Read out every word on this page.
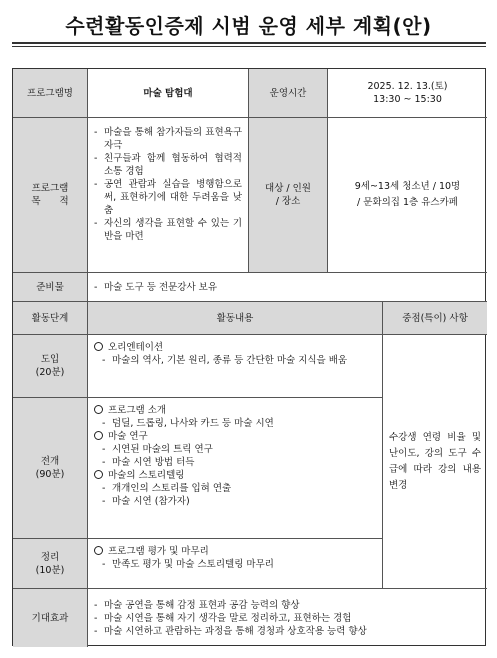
수련활동인증제 시범 운영 세부 계획(안)
프로그램명	마술 탐험대	운영시간
2025. 12. 13.(토)
13:30 ~ 15:30
프로그램
목　　적
- 마술을 통해 참가자들의 표현욕구 자극
- 친구들과 함께 협동하여 협력적 소통 경험
- 공연 관람과 실습을 병행함으로써, 표현하기에 대한 두려움을 낮춤
- 자신의 생각을 표현할 수 있는 기반을 마련
대상 / 인원
/ 장소
9세~13세 청소년 / 10명
/ 문화의집 1층 유스카페
준비물
-	마술 도구 등 전문강사 보유
활동단계	활동내용	중점(특이) 사항
도입
(20분)
오리엔테이션
- 마술의 역사, 기본 원리, 종류 등 간단한 마술 지식을 배움
전개
(90분)
프로그램 소개
- 덤딜, 드롭링, 나사와 카드 등 마술 시연
마술 연구
- 시연된 마술의 트릭 연구
- 마술 시연 방법 터득
마술의 스토리텔링
- 개개인의 스토리를 입혀 연출
- 마술 시연 (참가자)
정리
(10분)
프로그램 평가 및 마무리
- 만족도 평가 및 마술 스토리텔링 마무리
수강생 연령 비율 및 난이도, 강의 도구 수급에 따라 강의 내용 변경
기대효과
- 마술 공연을 통해 감정 표현과 공감 능력의 향상
- 마술 시연을 통해 자기 생각을 말로 정리하고, 표현하는 경험
- 마술 시연하고 관람하는 과정을 통해 경청과 상호작용 능력 향상
